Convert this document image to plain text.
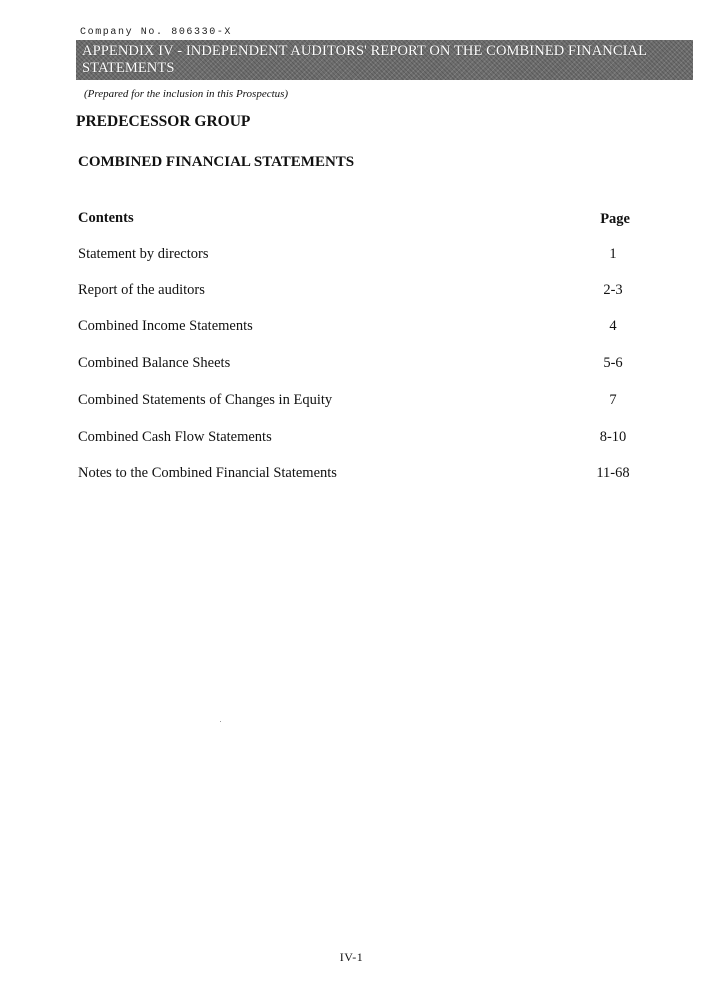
Company No. 806330-X
APPENDIX IV - INDEPENDENT AUDITORS' REPORT ON THE COMBINED FINANCIAL
STATEMENTS
(Prepared for the inclusion in this Prospectus)
PREDECESSOR GROUP
COMBINED FINANCIAL STATEMENTS
Contents	Page
Statement by directors	1
Report of the auditors	2-3
Combined Income Statements	4
Combined Balance Sheets	5-6
Combined Statements of Changes in Equity	7
Combined Cash Flow Statements	8-10
Notes to the Combined Financial Statements	11-68
IV-1
